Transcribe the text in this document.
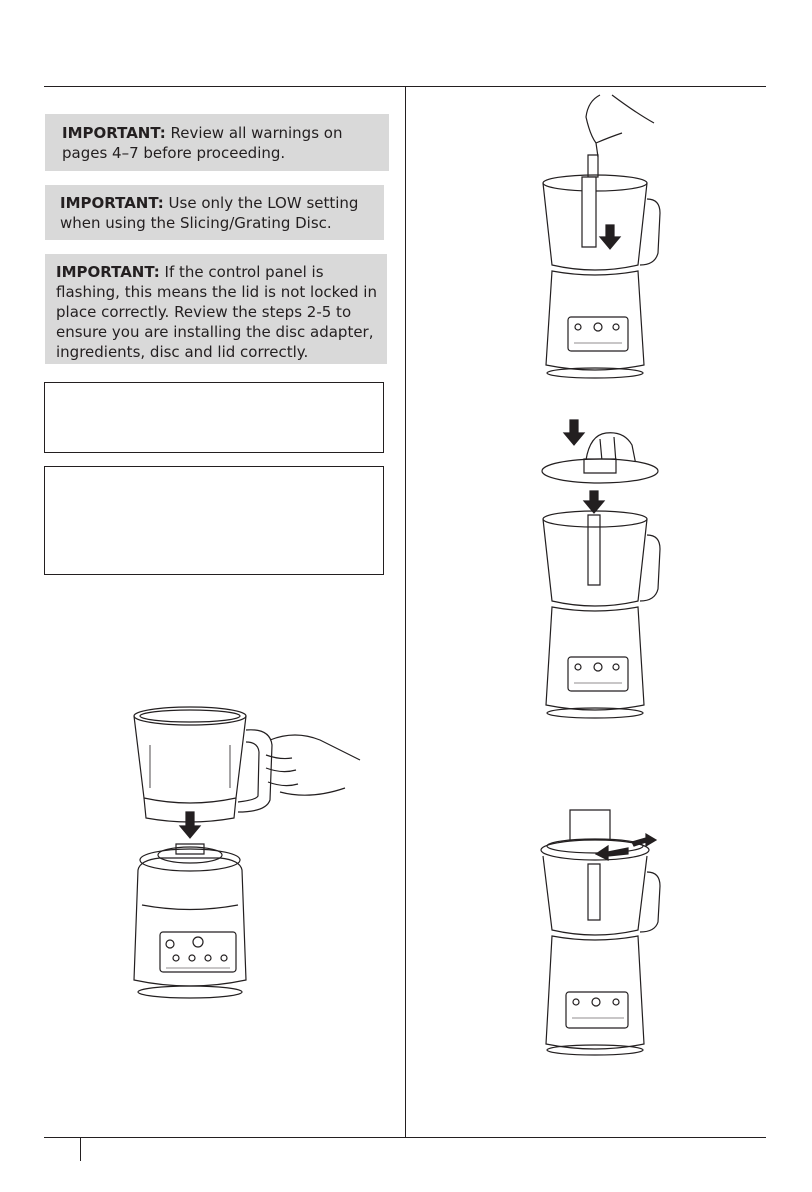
IMPORTANT: Review all warnings on pages 4–7 before proceeding.
IMPORTANT: Use only the LOW setting when using the Slicing/Grating Disc.
IMPORTANT: If the control panel is flashing, this means the lid is not locked in place correctly. Review the steps 2-5 to ensure you are installing the disc adapter, ingredients, disc and lid correctly.
